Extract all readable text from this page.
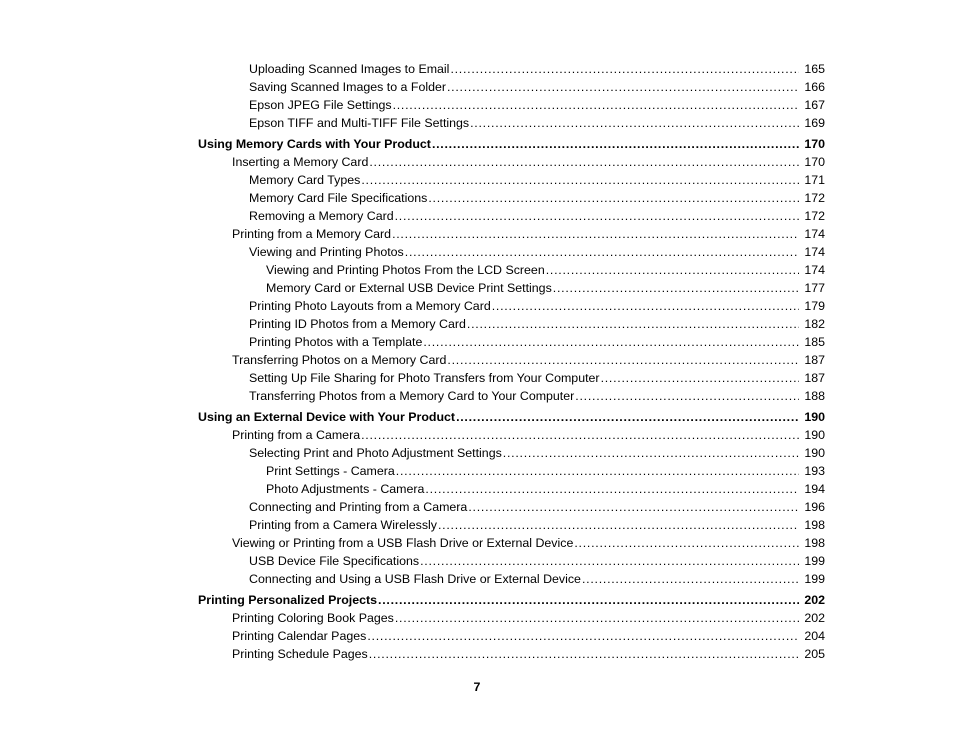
Uploading Scanned Images to Email . . .	165
Saving Scanned Images to a Folder . . .	166
Epson JPEG File Settings . . .	167
Epson TIFF and Multi-TIFF File Settings . . .	169
Using Memory Cards with Your Product . . .	170
Inserting a Memory Card . . .	170
Memory Card Types . . .	171
Memory Card File Specifications . . .	172
Removing a Memory Card . . .	172
Printing from a Memory Card . . .	174
Viewing and Printing Photos . . .	174
Viewing and Printing Photos From the LCD Screen . . .	174
Memory Card or External USB Device Print Settings . . .	177
Printing Photo Layouts from a Memory Card . . .	179
Printing ID Photos from a Memory Card . . .	182
Printing Photos with a Template . . .	185
Transferring Photos on a Memory Card . . .	187
Setting Up File Sharing for Photo Transfers from Your Computer . . .	187
Transferring Photos from a Memory Card to Your Computer . . .	188
Using an External Device with Your Product . . .	190
Printing from a Camera . . .	190
Selecting Print and Photo Adjustment Settings . . .	190
Print Settings - Camera . . .	193
Photo Adjustments - Camera . . .	194
Connecting and Printing from a Camera . . .	196
Printing from a Camera Wirelessly . . .	198
Viewing or Printing from a USB Flash Drive or External Device . . .	198
USB Device File Specifications . . .	199
Connecting and Using a USB Flash Drive or External Device . . .	199
Printing Personalized Projects . . .	202
Printing Coloring Book Pages . . .	202
Printing Calendar Pages . . .	204
Printing Schedule Pages . . .	205
7
